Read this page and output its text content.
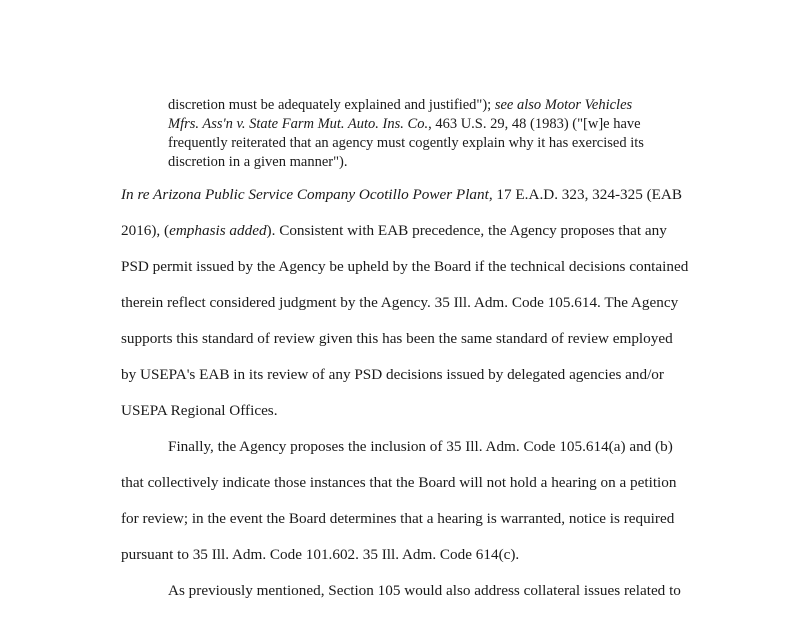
discretion must be adequately explained and justified"); see also Motor Vehicles
Mfrs. Ass'n v. State Farm Mut. Auto. Ins. Co., 463 U.S. 29, 48 (1983) ("[w]e have
frequently reiterated that an agency must cogently explain why it has exercised its
discretion in a given manner").
In re Arizona Public Service Company Ocotillo Power Plant, 17 E.A.D. 323, 324-325 (EAB
2016), (emphasis added). Consistent with EAB precedence, the Agency proposes that any
PSD permit issued by the Agency be upheld by the Board if the technical decisions contained
therein reflect considered judgment by the Agency. 35 Ill. Adm. Code 105.614. The Agency
supports this standard of review given this has been the same standard of review employed
by USEPA's EAB in its review of any PSD decisions issued by delegated agencies and/or
USEPA Regional Offices.
Finally, the Agency proposes the inclusion of 35 Ill. Adm. Code 105.614(a) and (b)
that collectively indicate those instances that the Board will not hold a hearing on a petition
for review; in the event the Board determines that a hearing is warranted, notice is required
pursuant to 35 Ill. Adm. Code 101.602. 35 Ill. Adm. Code 614(c).
As previously mentioned, Section 105 would also address collateral issues related to
